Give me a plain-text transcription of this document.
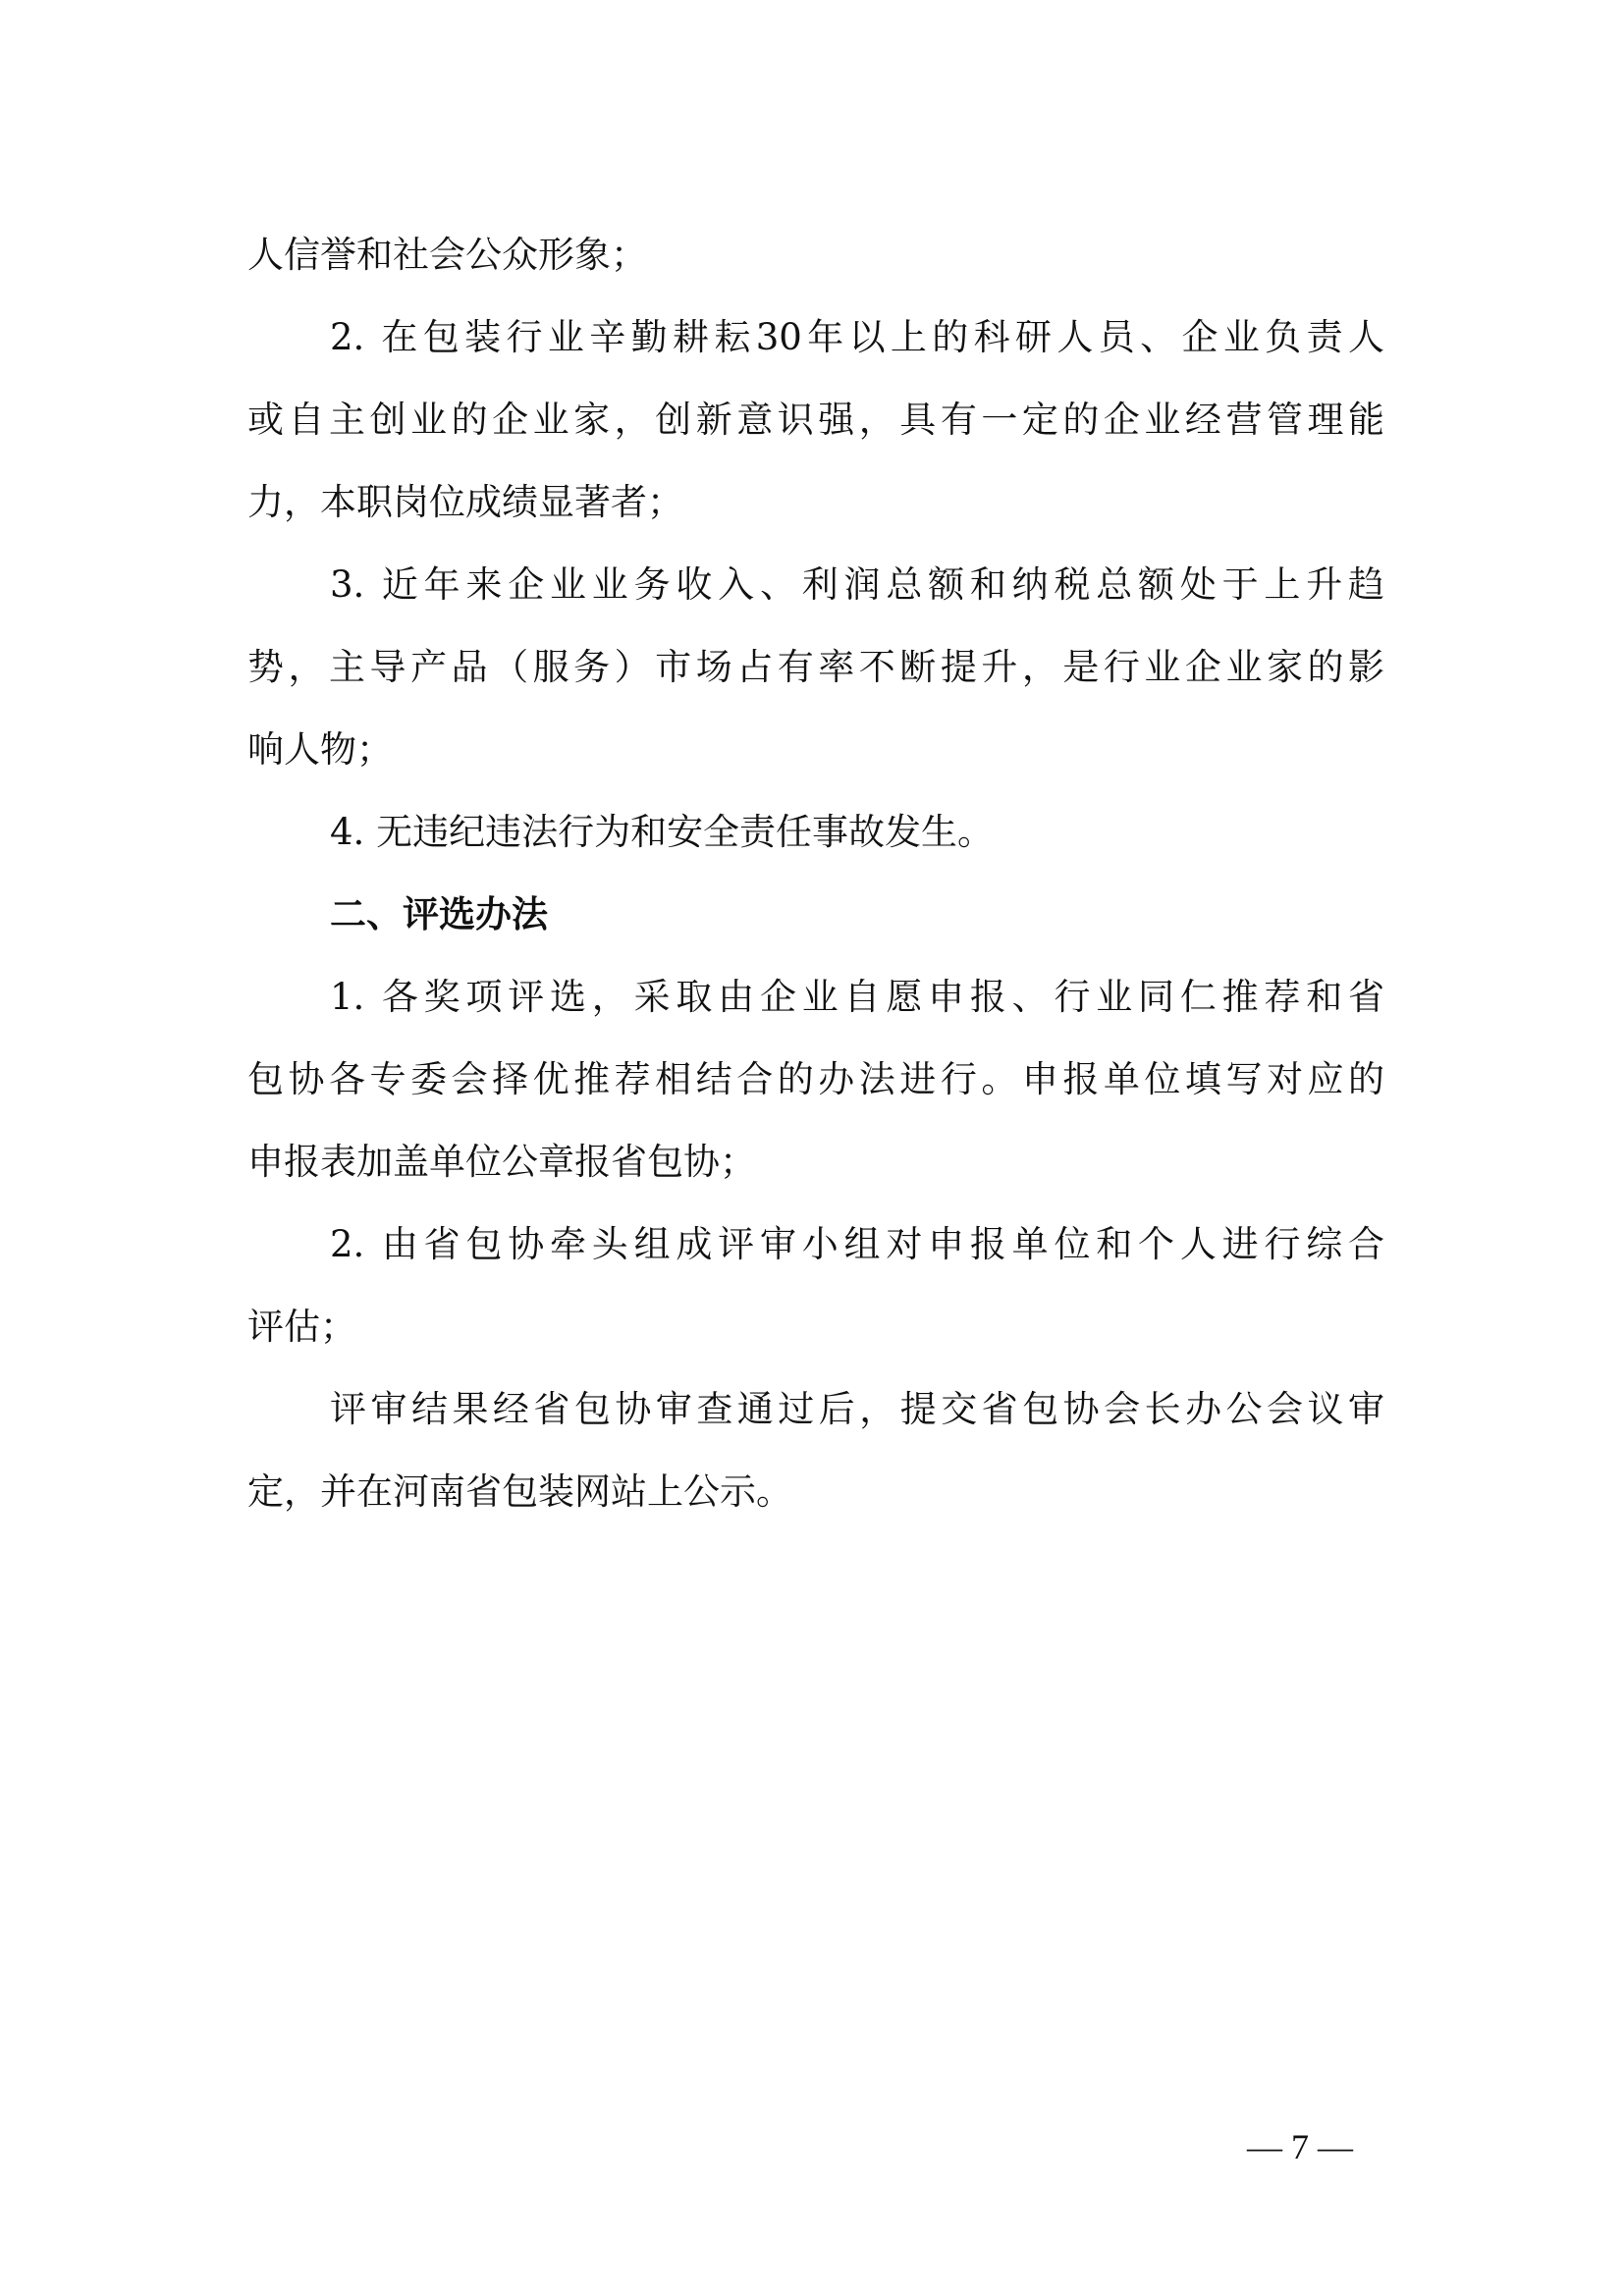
人信誉和社会公众形象；
2. 在包装行业辛勤耕耘30年以上的科研人员、企业负责人
或自主创业的企业家，创新意识强，具有一定的企业经营管理能
力，本职岗位成绩显著者；
3. 近年来企业业务收入、利润总额和纳税总额处于上升趋
势，主导产品（服务）市场占有率不断提升，是行业企业家的影
响人物；
4. 无违纪违法行为和安全责任事故发生。
二、评选办法
1. 各奖项评选，采取由企业自愿申报、行业同仁推荐和省
包协各专委会择优推荐相结合的办法进行。申报单位填写对应的
申报表加盖单位公章报省包协；
2. 由省包协牵头组成评审小组对申报单位和个人进行综合
评估；
评审结果经省包协审查通过后，提交省包协会长办公会议审
定，并在河南省包装网站上公示。
— 7 —
